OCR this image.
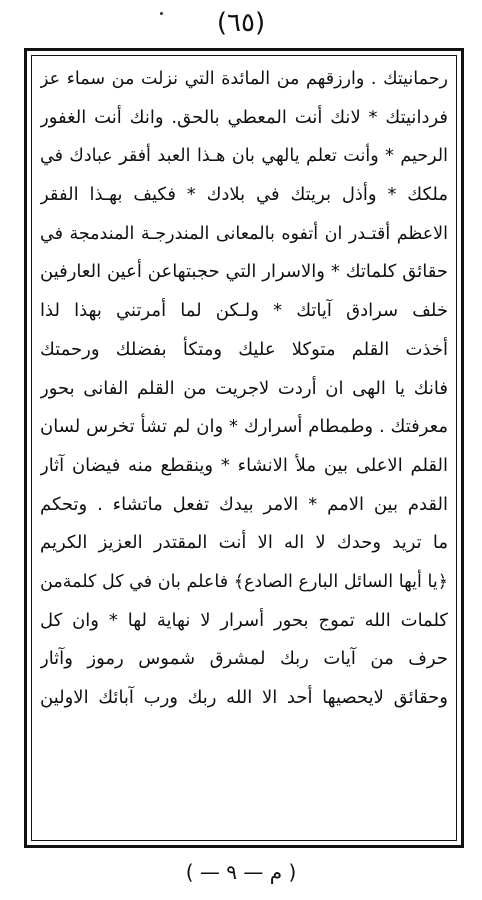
(٦٥)
رحمانيتك . وارزقهم من المائدة التي نزلت من سماء عز
فردانيتك * لانك أنت المعطي بالحق. وانك أنت الغفور
الرحيم * وأنت تعلم يالهي بان هـذا العبد أفقر عبادك في
ملكك * وأذل بريتك في بلادك * فكيف بهـذا الفقر
الاعظم أقتـدر ان أتفوه بالمعانى المندرجـة المندمجة في
حقائق كلماتك * والاسرار التي حجبتهاعن أعين العارفين
خلف سرادق آياتك * ولـكن لما أمرتني بهذا لذا
أخذت القلم متوكلا عليك ومتكأ بفضلك ورحمتك
فانك يا الهى ان أردت لاجريت من القلم الفانى بحور
معرفتك . وطمطام أسرارك * وان لم تشأ تخرس لسان
القلم الاعلى بين ملأ الانشاء * وينقطع منه فيضان آثار
القدم بين الامم * الامر بيدك تفعل ماتشاء . وتحكم
ما تريد وحدك لا اله الا أنت المقتدر العزيز الكريم
﴿يا أيها السائل البارع الصادع﴾ فاعلم بان في كل كلمةمن
كلمات الله تموج بحور أسرار لا نهاية لها * وان كل
حرف من آيات ربك لمشرق شموس رموز وآثار
وحقائق لايحصيها أحد الا الله ربك ورب آبائك الاولين
( م — ٩ — )
